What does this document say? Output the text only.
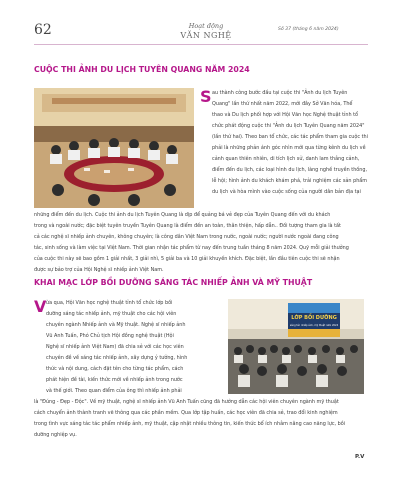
62	Hoạt động
VĂN NGHỆ
Số 37 (tháng 6 năm 2024)
CUỘC THI ẢNH DU LỊCH TUYÊN QUANG NĂM 2024
S au thành công bước đầu tại cuộc thi "Ảnh du lịch Tuyên
Quang" lần thứ nhất năm 2022, mới đây Sở Văn hóa, Thể
thao và Du lịch phối hợp với Hội Văn học Nghệ thuật tỉnh tổ
chức phát động cuộc thi "Ảnh du lịch Tuyên Quang năm 2024"
(lần thứ hai). Theo ban tổ chức, các tác phẩm tham gia cuộc thi
phải là những phản ánh góc nhìn mới qua từng kênh du lịch về
cảnh quan thiên nhiên, di tích lịch sử, danh lam thắng cảnh,
điểm đến du lịch, các loại hình du lịch, làng nghề truyền thống,
lễ hội; hình ảnh du khách khám phá, trải nghiệm các sản phẩm
du lịch và hòa mình vào cuộc sống của người dân bản địa tại
những điểm đến du lịch. Cuộc thi ảnh du lịch Tuyên Quang là dịp để quảng bá vẻ đẹp của Tuyên Quang đến với du khách
trong và ngoài nước; đặc biệt tuyên truyền Tuyên Quang là điểm đến an toàn, thân thiện, hấp dẫn.. Đối tượng tham gia là tất
cả các nghệ sĩ nhiếp ảnh chuyên, không chuyên; là công dân Việt Nam trong nước, ngoài nước; người nước ngoài đang công
tác, sinh sống và làm việc tại Việt Nam. Thời gian nhận tác phẩm từ nay đến trung tuần tháng 8 năm 2024. Quỹ mỗi giải thưởng
của cuộc thi này sẽ bao gồm 1 giải nhất, 3 giải nhì, 5 giải ba và 10 giải khuyến khích. Đặc biệt, lần đầu tiên cuộc thi sẽ nhận
được sự bảo trợ của Hội Nghệ sĩ nhiếp ảnh Việt Nam.
KHAI MẠC LỚP BỒI DƯỠNG SÁNG TÁC NHIẾP ẢNH VÀ MỸ THUẬT
V ừa qua, Hội Văn học nghệ thuật tỉnh tổ chức lớp bồi
dưỡng sáng tác nhiếp ảnh, mỹ thuật cho các hội viên
chuyên ngành Nhiếp ảnh và Mỹ thuật. Nghệ sĩ nhiếp ảnh
Vũ Anh Tuấn, Phó Chủ tịch Hội đồng nghệ thuật (Hội
Nghệ sĩ nhiếp ảnh Việt Nam) đã chia sẻ với các học viên
chuyên đề về sáng tác nhiếp ảnh, xây dựng ý tưởng, hình
thức và nội dung, cách đặt tên cho từng tác phẩm, cách
phát hiện đề tài, kiến thức mới về nhiếp ảnh trong nước
và thế giới. Theo quan điểm của ông thì nhiếp ảnh phải
LỚP BỒI DƯỠNG
sáng tác nhiếp ảnh, mỹ thuật năm 2024
là "Đúng - Đẹp - Độc". Về mỹ thuật, nghệ sĩ nhiếp ảnh Vũ Anh Tuấn cũng đã hướng dẫn các hội viên chuyên ngành mỹ thuật
cách chuyển ảnh thành tranh vẽ thông qua các phần mềm. Qua lớp tập huấn, các học viên đã chia sẻ, trao đổi kinh nghiệm
trong tình vực sáng tác tác phẩm nhiếp ảnh, mỹ thuật, cập nhật nhiều thông tin, kiến thức bổ ích nhằm nâng cao năng lực, bồi
dưỡng nghiệp vụ.
P.V
